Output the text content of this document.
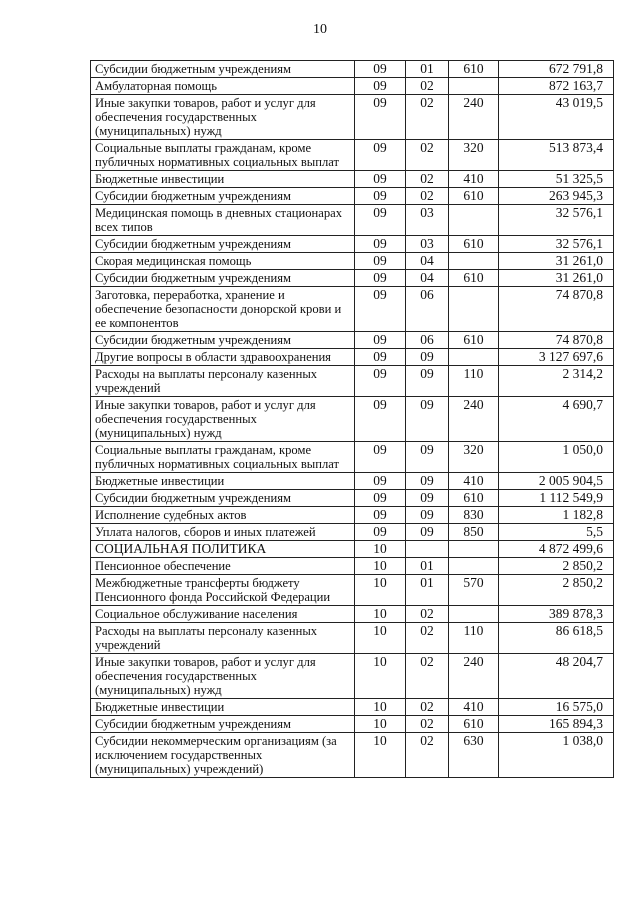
10
Субсидии бюджетным учреждениям	09	01	610	672 791,8
Амбулаторная помощь	09	02		872 163,7
Иные закупки товаров, работ и услуг для обеспечения государственных (муниципальных) нужд	09	02	240	43 019,5
Социальные выплаты гражданам, кроме публичных нормативных социальных выплат	09	02	320	513 873,4
Бюджетные инвестиции	09	02	410	51 325,5
Субсидии бюджетным учреждениям	09	02	610	263 945,3
Медицинская помощь в дневных стационарах всех типов	09	03		32 576,1
Субсидии бюджетным учреждениям	09	03	610	32 576,1
Скорая медицинская помощь	09	04		31 261,0
Субсидии бюджетным учреждениям	09	04	610	31 261,0
Заготовка, переработка, хранение и обеспечение безопасности донорской крови и ее компонентов	09	06		74 870,8
Субсидии бюджетным учреждениям	09	06	610	74 870,8
Другие вопросы в области здравоохранения	09	09		3 127 697,6
Расходы на выплаты персоналу казенных учреждений	09	09	110	2 314,2
Иные закупки товаров, работ и услуг для обеспечения государственных (муниципальных) нужд	09	09	240	4 690,7
Социальные выплаты гражданам, кроме публичных нормативных социальных выплат	09	09	320	1 050,0
Бюджетные инвестиции	09	09	410	2 005 904,5
Субсидии бюджетным учреждениям	09	09	610	1 112 549,9
Исполнение судебных актов	09	09	830	1 182,8
Уплата налогов, сборов и иных платежей	09	09	850	5,5
СОЦИАЛЬНАЯ ПОЛИТИКА	10			4 872 499,6
Пенсионное обеспечение	10	01		2 850,2
Межбюджетные трансферты бюджету Пенсионного фонда Российской Федерации	10	01	570	2 850,2
Социальное обслуживание населения	10	02		389 878,3
Расходы на выплаты персоналу казенных учреждений	10	02	110	86 618,5
Иные закупки товаров, работ и услуг для обеспечения государственных (муниципальных) нужд	10	02	240	48 204,7
Бюджетные инвестиции	10	02	410	16 575,0
Субсидии бюджетным учреждениям	10	02	610	165 894,3
Субсидии некоммерческим организациям (за исключением государственных (муниципальных) учреждений)	10	02	630	1 038,0
